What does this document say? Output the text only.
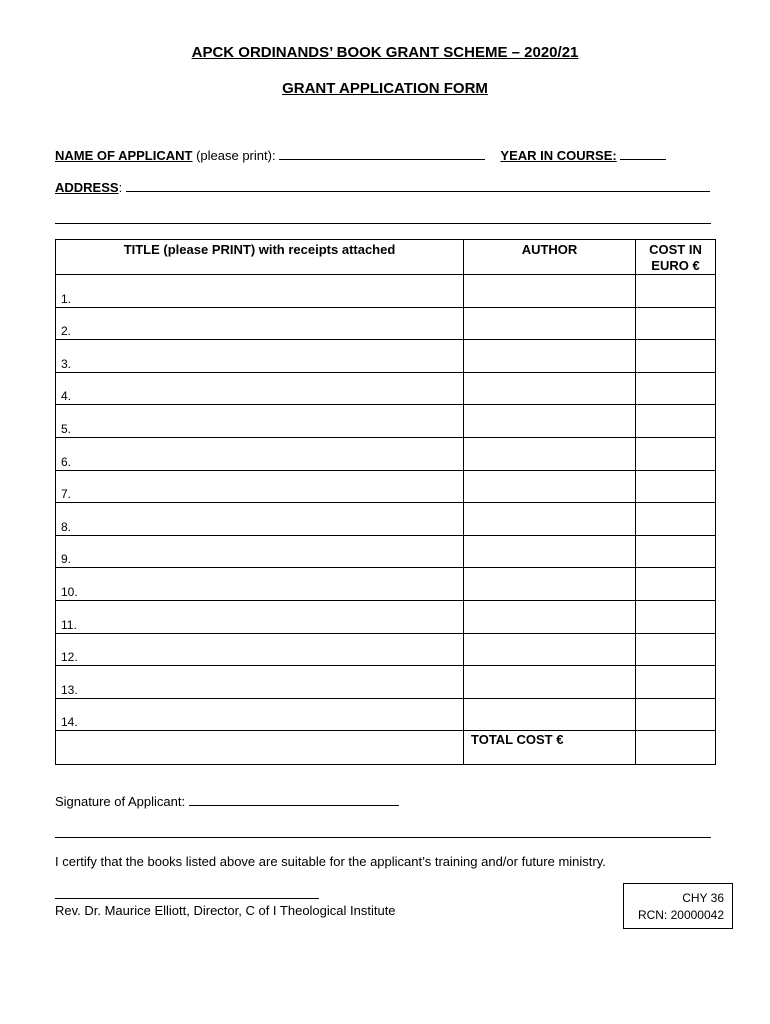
APCK ORDINANDS’ BOOK GRANT SCHEME – 2020/21
GRANT APPLICATION FORM
NAME OF APPLICANT (please print):	YEAR IN COURSE:
ADDRESS:
TITLE (please PRINT) with receipts attached	AUTHOR	COST IN
EURO €

1.		

2.		

3.		

4.		

5.		

6.		

7.		

8.		

9.		

10.		

11.		

12.		

13.		

14.		

	TOTAL COST €	
Signature of Applicant:
I certify that the books listed above are suitable for the applicant’s training and/or future ministry.
Rev. Dr. Maurice Elliott, Director, C of I Theological Institute
CHY 36
RCN: 20000042
